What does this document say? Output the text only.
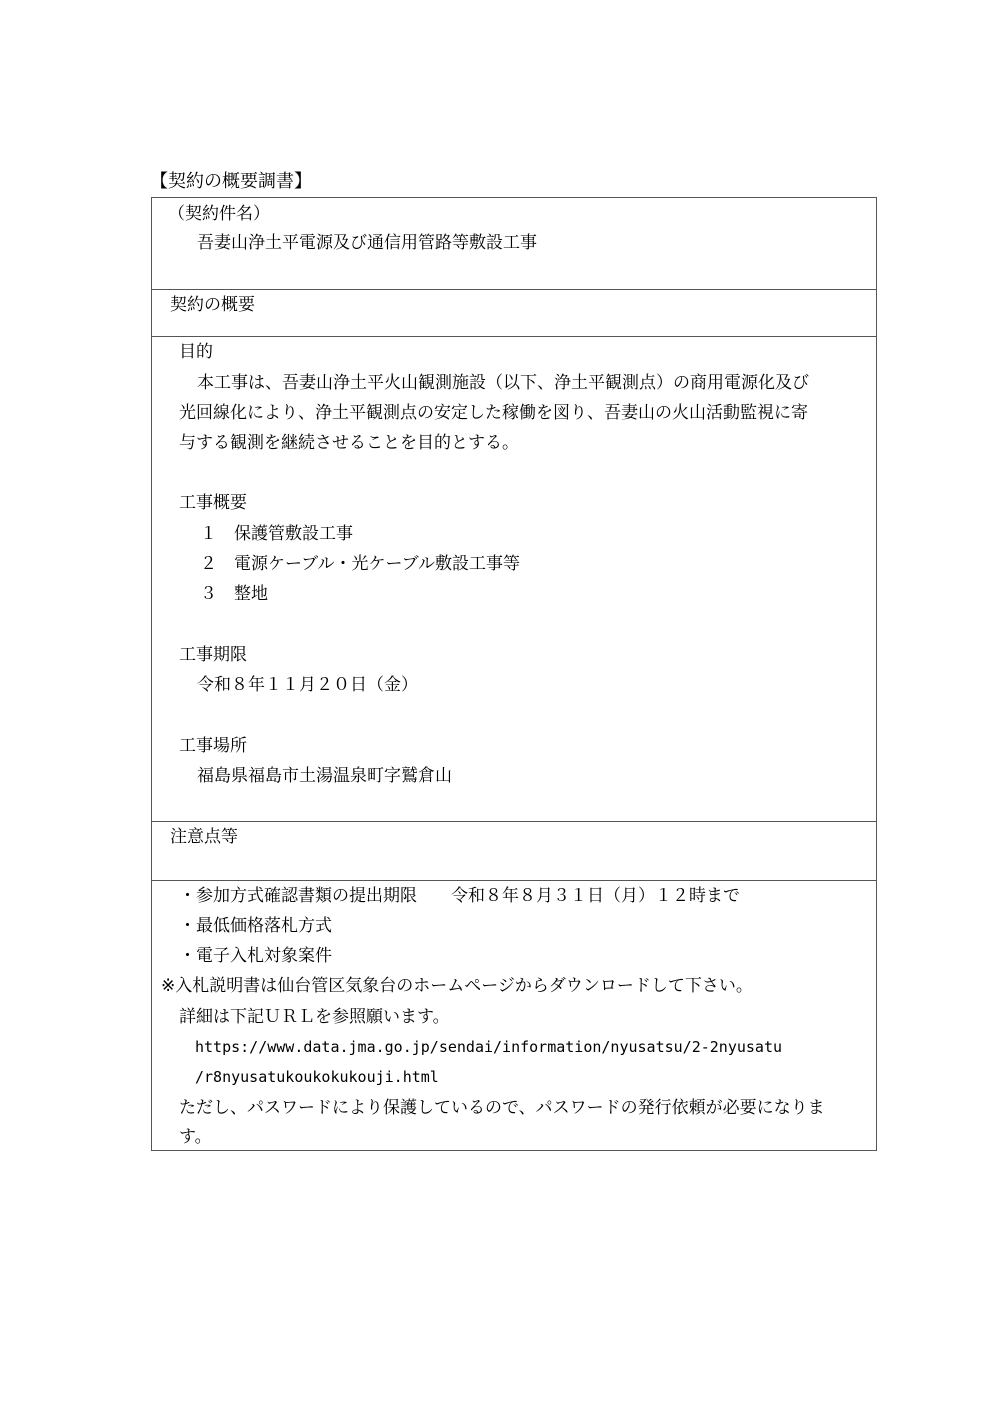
【契約の概要調書】
（契約件名）
吾妻山浄土平電源及び通信用管路等敷設工事
契約の概要
目的
本工事は、吾妻山浄土平火山観測施設（以下、浄土平観測点）の商用電源化及び
光回線化により、浄土平観測点の安定した稼働を図り、吾妻山の火山活動監視に寄
与する観測を継続させることを目的とする。
工事概要
１　保護管敷設工事
２　電源ケーブル・光ケーブル敷設工事等
３　整地
工事期限
令和８年１１月２０日（金）
工事場所
福島県福島市土湯温泉町字鷲倉山
注意点等
・参加方式確認書類の提出期限　　令和８年８月３１日（月）１２時まで
・最低価格落札方式
・電子入札対象案件
※入札説明書は仙台管区気象台のホームページからダウンロードして下さい。
詳細は下記ＵＲＬを参照願います。
https://www.data.jma.go.jp/sendai/information/nyusatsu/2-2nyusatu
/r8nyusatukoukokukouji.html
ただし、パスワードにより保護しているので、パスワードの発行依頼が必要になりま
す。
